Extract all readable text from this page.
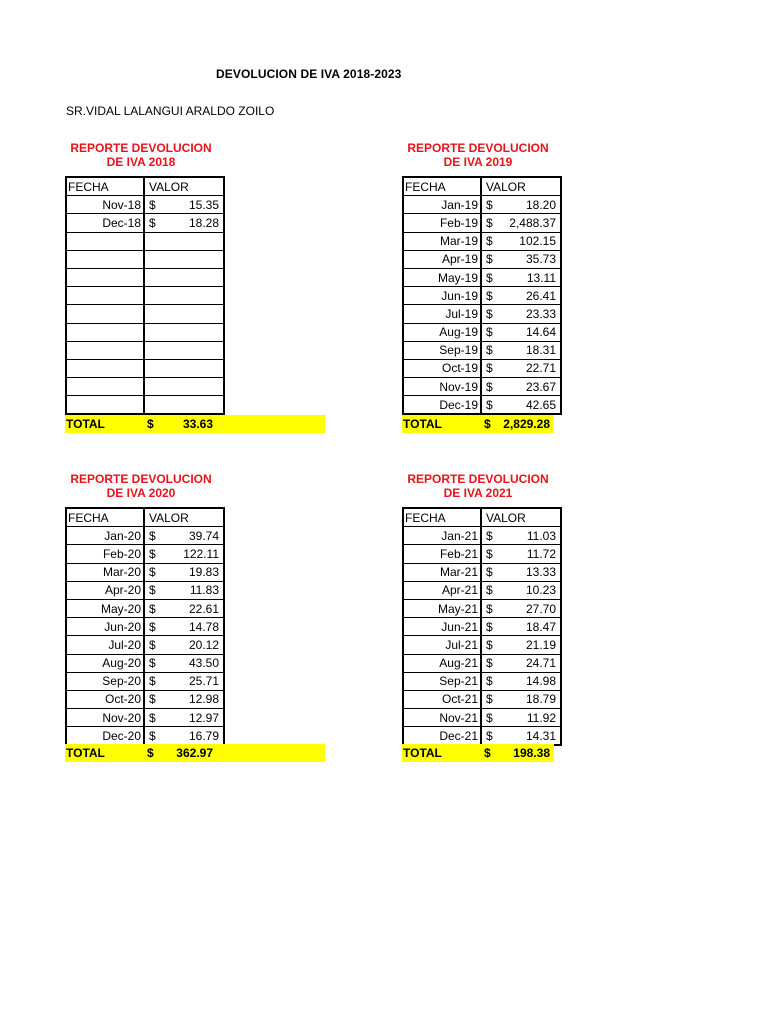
DEVOLUCION DE IVA 2018-2023
SR.VIDAL LALANGUI ARALDO ZOILO
REPORTE DEVOLUCION
DE IVA 2018
FECHA	VALOR
Nov-18	$ 15.35

Dec-18	$ 18.28

TOTAL	$	33.63
REPORTE DEVOLUCION
DE IVA 2019
FECHA	VALOR
Jan-19	$ 18.20

Feb-19	$ 2,488.37

Mar-19	$ 102.15

Apr-19	$ 35.73

May-19	$ 13.11

Jun-19	$ 26.41

Jul-19	$ 23.33

Aug-19	$ 14.64

Sep-19	$ 18.31

Oct-19	$ 22.71

Nov-19	$ 23.67

Dec-19	$ 42.65
TOTAL	$	2,829.28
REPORTE DEVOLUCION
DE IVA 2020
FECHA	VALOR
Jan-20	$ 39.74

Feb-20	$ 122.11

Mar-20	$ 19.83

Apr-20	$ 11.83

May-20	$ 22.61

Jun-20	$ 14.78

Jul-20	$ 20.12

Aug-20	$ 43.50

Sep-20	$ 25.71

Oct-20	$ 12.98

Nov-20	$ 12.97

Dec-20	$ 16.79
TOTAL	$	362.97
REPORTE DEVOLUCION
DE IVA 2021
FECHA	VALOR
Jan-21	$ 11.03

Feb-21	$ 11.72

Mar-21	$ 13.33

Apr-21	$ 10.23

May-21	$ 27.70

Jun-21	$ 18.47

Jul-21	$ 21.19

Aug-21	$ 24.71

Sep-21	$ 14.98

Oct-21	$ 18.79

Nov-21	$ 11.92

Dec-21	$ 14.31
TOTAL	$	198.38
